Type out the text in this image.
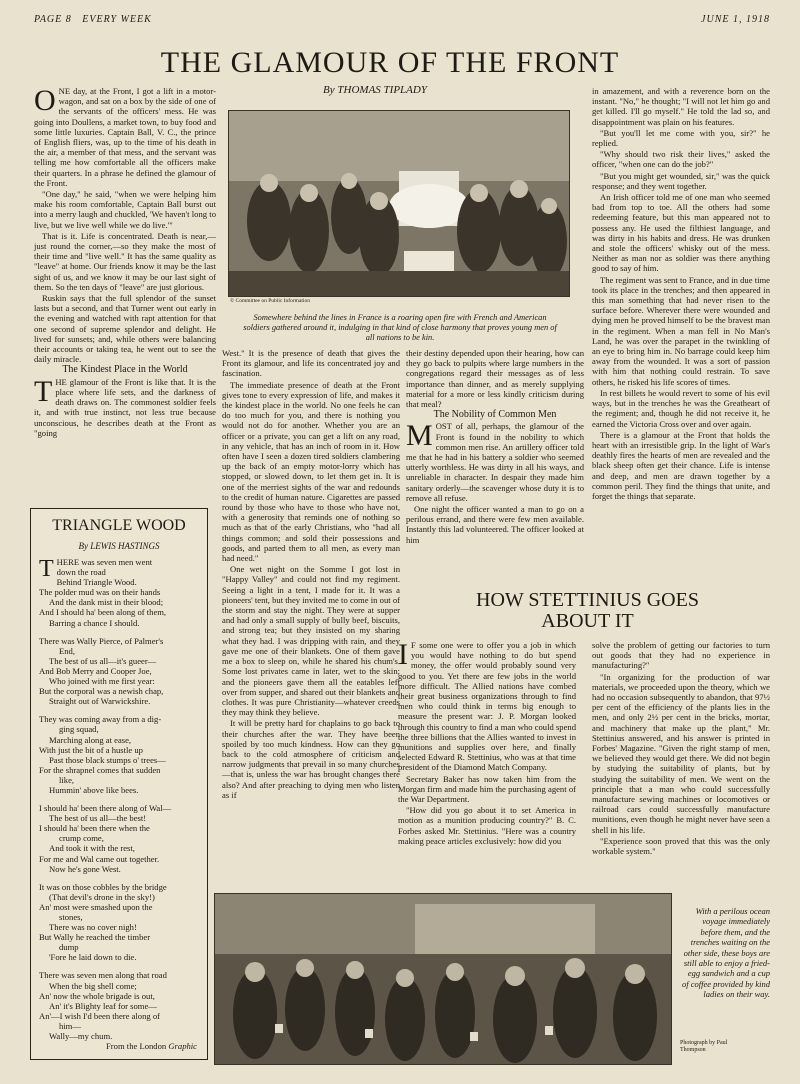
PAGE 8 EVERY WEEK	JUNE 1, 1918
THE GLAMOUR OF THE FRONT
By THOMAS TIPLADY
© Committee on Public Information
Somewhere behind the lines in France is a roaring open fire with French and American soldiers gathered around it, indulging in that kind of close harmony that proves young men of all nations to be kin.

ONE day, at the Front, I got a lift in a motor-wagon, and sat on a box by the side of one of the servants of the officers' mess. He was going into Doullens, a market town, to buy food and some little luxuries. Captain Ball, V. C., the prince of English fliers, was, up to the time of his death in the air, a member of that mess, and the servant was telling me how comfortable all the officers make their quarters. In a phrase he defined the glamour of the Front.

"One day," he said, "when we were helping him make his room comfortable, Captain Ball burst out into a merry laugh and chuckled, 'We haven't long to live, but we live well while we do live.'"

That is it. Life is concentrated. Death is near,—just round the corner,—so they make the most of their time and "live well." It has the same quality as "leave" at home. Our friends know it may be the last sight of us, and we know it may be our last sight of them. So the ten days of "leave" are just glorious.

Ruskin says that the full splendor of the sunset lasts but a second, and that Turner went out early in the evening and watched with rapt attention for that one second of supreme splendor and delight. He lived for sunsets; and, while others were balancing their accounts or taking tea, he went out to see the daily miracle.

The Kindest Place in the World

THE glamour of the Front is like that. It is the place where life sets, and the darkness of death draws on. The commonest soldier feels it, and with true instinct, not less true because unconscious, he describes death at the Front as "going

TRIANGLE WOOD
By LEWIS HASTINGS
THERE was seven men went
down the road
Behind Triangle Wood.
The polder mud was on their hands
And the dank mist in their blood;
And I should ha' been along of them,
Barring a chance I should.
There was Wally Pierce, of Palmer's
End,
The best of us all—it's gueer—
And Bob Merry and Cooper Joe,
Who joined with me first year:
But the corporal was a newish chap,
Straight out of Warwickshire.
They was coming away from a dig-
ging squad,
Marching along at ease,
With just the bit of a hustle up
Past those black stumps o' trees—
For the shrapnel comes that sudden
like,
Hummin' above like bees.
I should ha' been there along of Wal—
The best of us all—the best!
I should ha' been there when the
crump come,
And took it with the rest,
For me and Wal came out together.
Now he's gone West.
It was on those cobbles by the bridge
(That devil's drone in the sky!)
An' most were smashed upon the
stones,
There was no cover nigh!
But Wally he reached the timber
dump
'Fore he laid down to die.
There was seven men along that road
When the big shell come;
An' now the whole brigade is out,
An' it's Blighty leaf for some—
An'—I wish I'd been there along of
him—
Wally—my chum.
From the London Graphic

West." It is the presence of death that gives the Front its glamour, and life its concentrated joy and fascination.

The immediate presence of death at the Front gives tone to every expression of life, and makes it the kindest place in the world. No one feels he can do too much for you, and there is nothing you would not do for another. Whether you are an officer or a private, you can get a lift on any road, in any vehicle, that has an inch of room in it. How often have I seen a dozen tired soldiers clambering up the back of an empty motor-lorry which has stopped, or slowed down, to let them get in. It is one of the merriest sights of the war and redounds to the credit of human nature. Cigarettes are passed round by those who have to those who have not, with a generosity that reminds one of nothing so much as that of the early Christians, who "had all things common; and sold their possessions and goods, and parted them to all men, as every man had need."

One wet night on the Somme I got lost in "Happy Valley" and could not find my regiment. Seeing a light in a tent, I made for it. It was a pioneers' tent, but they invited me to come in out of the storm and stay the night. They were at supper and had only a small supply of bully beef, biscuits, and strong tea; but they insisted on my sharing what they had. I was dripping with rain, and they gave me one of their blankets. One of them gave me a box to sleep on, while he shared his chum's. Some lost privates came in later, wet to the skin; and the pioneers gave them all the eatables left over from supper, and shared out their blankets and clothes. It was pure Christianity—whatever creeds they may think they believe.

It will be pretty hard for chaplains to go back to their churches after the war. They have been spoiled by too much kindness. How can they go back to the cold atmosphere of criticism and narrow judgments that prevail in so many churches—that is, unless the war has brought changes there also? And after preaching to dying men who listen as if

their destiny depended upon their hearing, how can they go back to pulpits where large numbers in the congregations regard their messages as of less importance than dinner, and as merely supplying material for a more or less kindly criticism during that meal?

The Nobility of Common Men

MOST of all, perhaps, the glamour of the Front is found in the nobility to which common men rise. An artillery officer told me that he had in his battery a soldier who seemed utterly worthless. He was dirty in all his ways, and unreliable in character. In despair they made him sanitary orderly—the scavenger whose duty it is to remove all refuse.

One night the officer wanted a man to go on a perilous errand, and there were few men available. Instantly this lad volunteered. The officer looked at him

in amazement, and with a reverence born on the instant. "No," he thought; "I will not let him go and get killed. I'll go myself." He told the lad so, and disappointment was plain on his features.

"But you'll let me come with you, sir?" he replied.

"Why should two risk their lives," asked the officer, "when one can do the job?"

"But you might get wounded, sir," was the quick response; and they went together.

An Irish officer told me of one man who seemed bad from top to toe. All the others had some redeeming feature, but this man appeared not to possess any. He used the filthiest language, and was dirty in his habits and dress. He was drunken and stole the officers' whisky out of the mess. Neither as man nor as soldier was there anything good to say of him.

The regiment was sent to France, and in due time took its place in the trenches; and then appeared in this man something that had never risen to the surface before. Wherever there were wounded and dying men he proved himself to be the bravest man in the regiment. When a man fell in No Man's Land, he was over the parapet in the twinkling of an eye to bring him in. No barrage could keep him away from the wounded. It was a sort of passion with him that nothing could restrain. To save others, he risked his life scores of times.

In rest billets he would revert to some of his evil ways, but in the trenches he was the Greatheart of the regiment; and, though he did not receive it, he earned the Victoria Cross over and over again.

There is a glamour at the Front that holds the heart with an irresistible grip. In the light of War's deathly fires the hearts of men are revealed and the black sheep often get their chance. Life is intense and deep, and men are drawn together by a common peril. They find the things that unite, and forget the things that separate.

HOW STETTINIUS GOES
ABOUT IT

I F some one were to offer you a job in which you would have nothing to do but spend money, the offer would probably sound very good to you. Yet there are few jobs in the world more difficult. The Allied nations have combed their great business organizations through to find men who could think in terms big enough to measure the present war: J. P. Morgan looked through this country to find a man who could spend the three billions that the Allies wanted to invest in munitions and supplies over here, and finally selected Edward R. Stettinius, who was at that time president of the Diamond Match Company.

Secretary Baker has now taken him from the Morgan firm and made him the purchasing agent of the War Department.

"How did you go about it to set America in motion as a munition producing country?" B. C. Forbes asked Mr. Stettinius. "Here was a country making peace articles exclusively: how did you

solve the problem of getting our factories to turn out goods that they had no experience in manufacturing?"

"In organizing for the production of war materials, we proceeded upon the theory, which we had no occasion subsequently to abandon, that 97½ per cent of the efficiency of the plants lies in the men, and only 2½ per cent in the bricks, mortar, and machinery that make up the plant," Mr. Stettinius answered, and his answer is printed in Forbes' Magazine. "Given the right stamp of men, we believed they would get there. We did not begin by studying the suitability of plants, but by studying the suitability of men. We went on the principle that a man who could successfully manufacture sewing machines or locomotives or railroad cars could successfully manufacture munitions, even though he might never have seen a shell in his life.

"Experience soon proved that this was the only workable system."

With a perilous ocean voyage immediately before them, and the trenches waiting on the other side, these boys are still able to enjoy a fried-egg sandwich and a cup of coffee provided by kind ladies on their way.
Photograph by Paul
Thompson
